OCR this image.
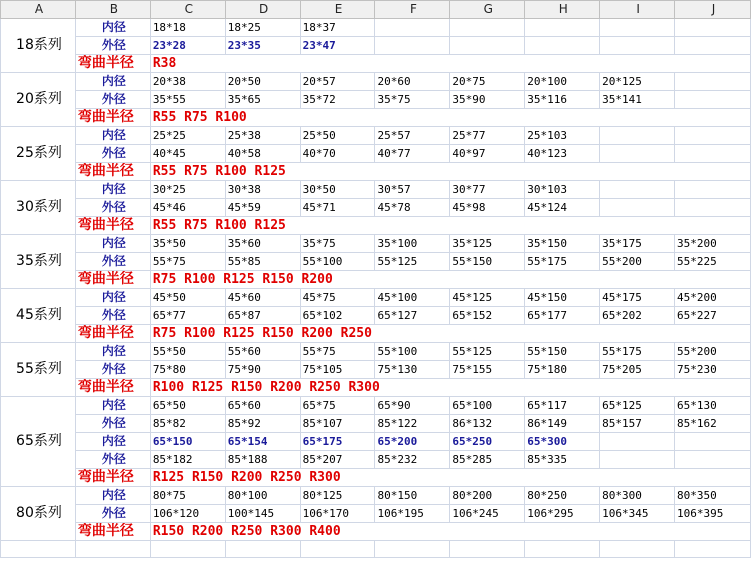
A	B	C	D	E	F	G	H	I	J
18系列	内径	18*18	18*25	18*37					
	外径	23*28	23*35	23*47					
	弯曲半径	R38							
20系列	内径	20*38	20*50	20*57	20*60	20*75	20*100	20*125	
	外径	35*55	35*65	35*72	35*75	35*90	35*116	35*141	
	弯曲半径	R55 R75 R100							
25系列	内径	25*25	25*38	25*50	25*57	25*77	25*103		
	外径	40*45	40*58	40*70	40*77	40*97	40*123		
	弯曲半径	R55 R75 R100 R125							
30系列	内径	30*25	30*38	30*50	30*57	30*77	30*103		
	外径	45*46	45*59	45*71	45*78	45*98	45*124		
	弯曲半径	R55 R75 R100 R125							
35系列	内径	35*50	35*60	35*75	35*100	35*125	35*150	35*175	35*200
	外径	55*75	55*85	55*100	55*125	55*150	55*175	55*200	55*225
	弯曲半径	R75 R100 R125 R150 R200							
45系列	内径	45*50	45*60	45*75	45*100	45*125	45*150	45*175	45*200
	外径	65*77	65*87	65*102	65*127	65*152	65*177	65*202	65*227
	弯曲半径	R75 R100 R125 R150 R200 R250							
55系列	内径	55*50	55*60	55*75	55*100	55*125	55*150	55*175	55*200
	外径	75*80	75*90	75*105	75*130	75*155	75*180	75*205	75*230
	弯曲半径	R100 R125 R150 R200 R250 R300							
65系列	内径	65*50	65*60	65*75	65*90	65*100	65*117	65*125	65*130
	外径	85*82	85*92	85*107	85*122	86*132	86*149	85*157	85*162
	内径	65*150	65*154	65*175	65*200	65*250	65*300		
	外径	85*182	85*188	85*207	85*232	85*285	85*335		
	弯曲半径	R125 R150 R200 R250 R300							
80系列	内径	80*75	80*100	80*125	80*150	80*200	80*250	80*300	80*350
	外径	106*120	100*145	106*170	106*195	106*245	106*295	106*345	106*395
	弯曲半径	R150 R200 R250 R300 R400							
